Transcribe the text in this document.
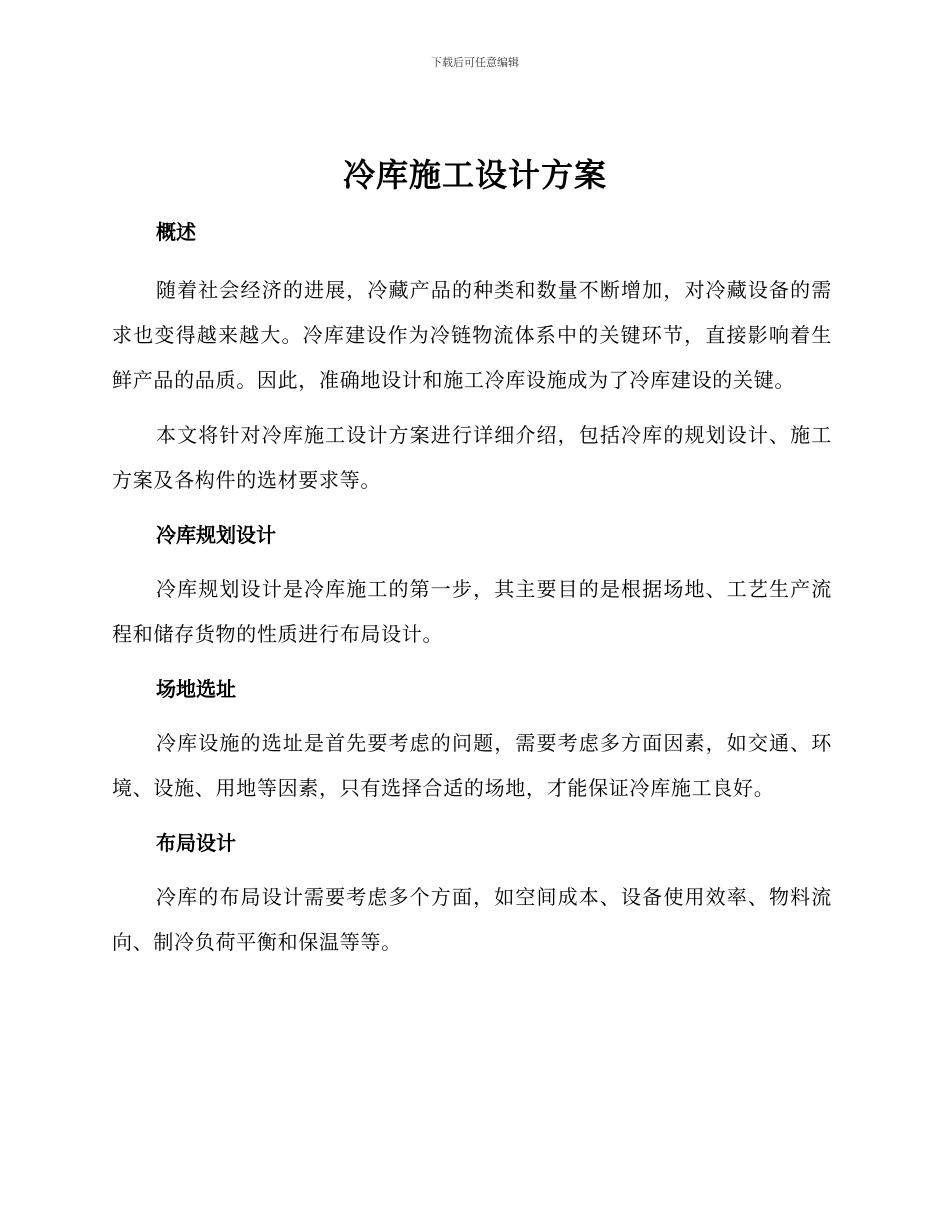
下载后可任意编辑
冷库施工设计方案
概述

随着社会经济的进展，冷藏产品的种类和数量不断增加，对冷藏设备的需求也变得越来越大。冷库建设作为冷链物流体系中的关键环节，直接影响着生鲜产品的品质。因此，准确地设计和施工冷库设施成为了冷库建设的关键。

本文将针对冷库施工设计方案进行详细介绍，包括冷库的规划设计、施工方案及各构件的选材要求等。

冷库规划设计

冷库规划设计是冷库施工的第一步，其主要目的是根据场地、工艺生产流程和储存货物的性质进行布局设计。

场地选址

冷库设施的选址是首先要考虑的问题，需要考虑多方面因素，如交通、环境、设施、用地等因素，只有选择合适的场地，才能保证冷库施工良好。

布局设计

冷库的布局设计需要考虑多个方面，如空间成本、设备使用效率、物料流向、制冷负荷平衡和保温等等。
